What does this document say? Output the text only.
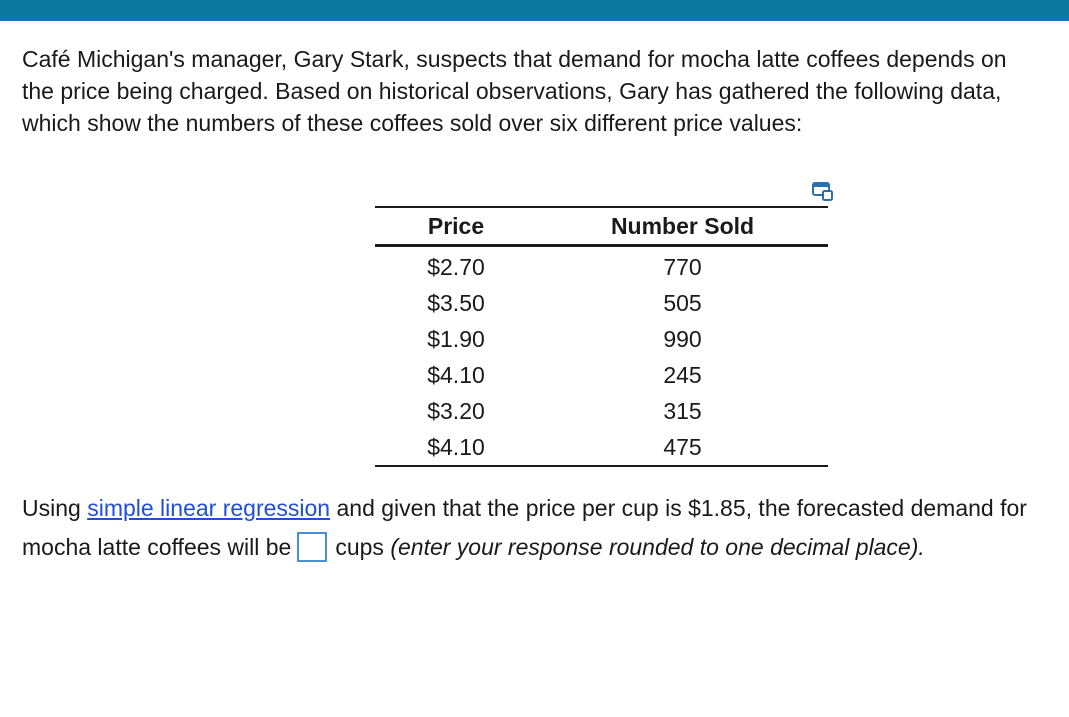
Café Michigan's manager, Gary Stark, suspects that demand for mocha latte coffees depends on the price being charged. Based on historical observations, Gary has gathered the following data, which show the numbers of these coffees sold over six different price values:
Price	Number Sold
$2.70	770
$3.50	505
$1.90	990
$4.10	245
$3.20	315
$4.10	475
Using simple linear regression and given that the price per cup is $1.85, the forecasted demand for mocha latte coffees will be cups (enter your response rounded to one decimal place).
